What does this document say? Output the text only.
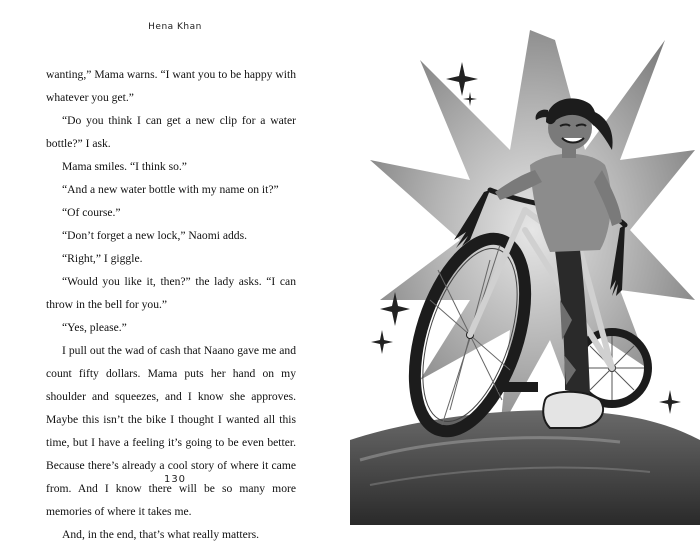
Hena Khan

wanting,” Mama warns. “I want you to be happy with whatever you get.”

“Do you think I can get a new clip for a water bottle?” I ask.

Mama smiles. “I think so.”

“And a new water bottle with my name on it?”

“Of course.”

“Don’t forget a new lock,” Naomi adds.

“Right,” I giggle.

“Would you like it, then?” the lady asks. “I can throw in the bell for you.”

“Yes, please.”

I pull out the wad of cash that Naano gave me and count fifty dollars. Mama puts her hand on my shoulder and squeezes, and I know she approves. Maybe this isn’t the bike I thought I wanted all this time, but I have a feeling it’s going to be even better. Because there’s already a cool story of where it came from. And I know there will be so many more memories of where it takes me.

And, in the end, that’s what really matters.

130
